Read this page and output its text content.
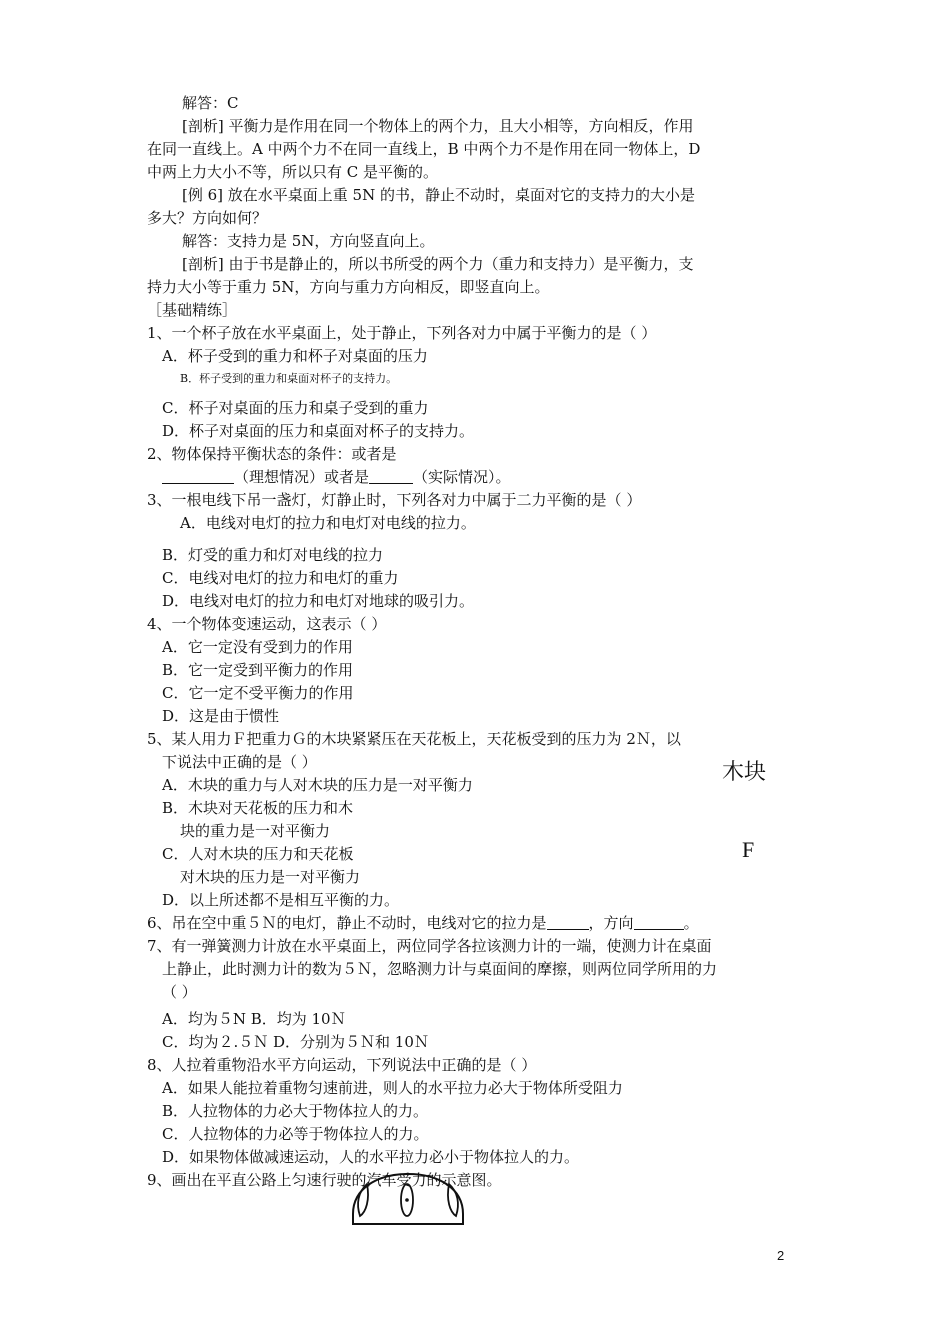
解答：C
[剖析] 平衡力是作用在同一个物体上的两个力，且大小相等，方向相反，作用
在同一直线上。A 中两个力不在同一直线上，B 中两个力不是作用在同一物体上，D
中两上力大小不等，所以只有 C 是平衡的。
[例 6] 放在水平桌面上重 5N 的书，静止不动时，桌面对它的支持力的大小是
多大？方向如何？
解答：支持力是 5N，方向竖直向上。
[剖析] 由于书是静止的，所以书所受的两个力（重力和支持力）是平衡力，支
持力大小等于重力 5N，方向与重力方向相反，即竖直向上。
［基础精练］
1、一个杯子放在水平桌面上，处于静止，下列各对力中属于平衡力的是（ ）
A．杯子受到的重力和杯子对桌面的压力
B．杯子受到的重力和桌面对杯子的支持力。
C．杯子对桌面的压力和桌子受到的重力
D．杯子对桌面的压力和桌面对杯子的支持力。
2、物体保持平衡状态的条件：或者是
（理想情况）或者是	（实际情况）。
3、一根电线下吊一盏灯，灯静止时，下列各对力中属于二力平衡的是（ ）
A．电线对电灯的拉力和电灯对电线的拉力。
B．灯受的重力和灯对电线的拉力
C．电线对电灯的拉力和电灯的重力
D．电线对电灯的拉力和电灯对地球的吸引力。
4、一个物体变速运动，这表示（ ）
A．它一定没有受到力的作用
B．它一定受到平衡力的作用
C．它一定不受平衡力的作用
D．这是由于惯性
5、某人用力Ｆ把重力Ｇ的木块紧紧压在天花板上，天花板受到的压力为 2Ｎ，以
下说法中正确的是（ ）
A．木块的重力与人对木块的压力是一对平衡力
B．木块对天花板的压力和木
块的重力是一对平衡力
C．人对木块的压力和天花板
对木块的压力是一对平衡力
D．以上所述都不是相互平衡的力。
木块
F
6、吊在空中重５Ｎ的电灯，静止不动时，电线对它的拉力是	，方向	。
7、有一弹簧测力计放在水平桌面上，两位同学各拉该测力计的一端，使测力计在桌面
上静止，此时测力计的数为５Ｎ，忽略测力计与桌面间的摩擦，则两位同学所用的力
（ ）
A．均为５N B．均为 10Ｎ
C．均为２.５Ｎ D．分别为５Ｎ和 10Ｎ
8、人拉着重物沿水平方向运动，下列说法中正确的是（ ）
A．如果人能拉着重物匀速前进，则人的水平拉力必大于物体所受阻力
B．人拉物体的力必大于物体拉人的力。
C．人拉物体的力必等于物体拉人的力。
D．如果物体做减速运动，人的水平拉力必小于物体拉人的力。
9、画出在平直公路上匀速行驶的汽车受力的示意图。
2
